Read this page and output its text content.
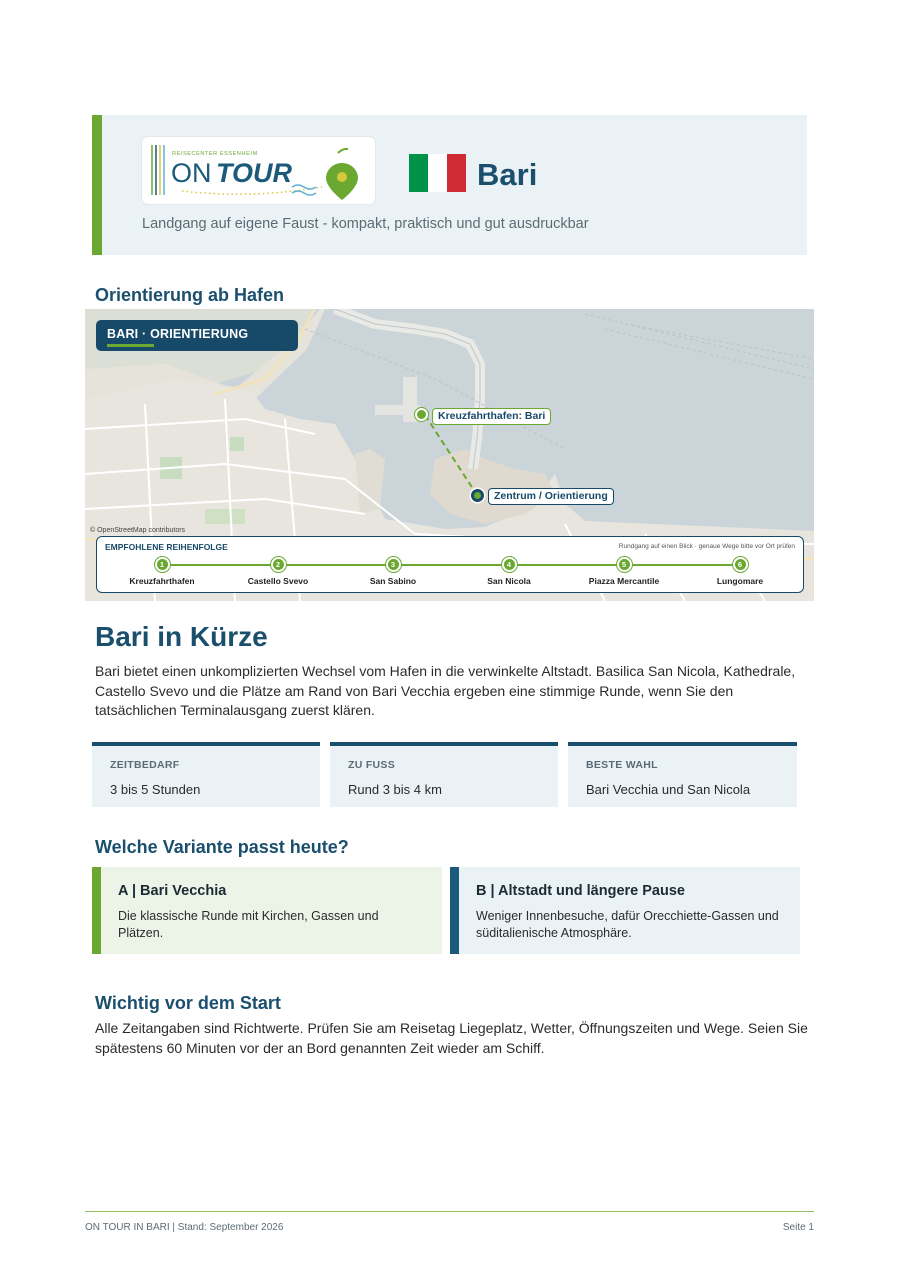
REISECENTER ESSENHEIM
ON TOUR	Bari
Landgang auf eigene Faust - kompakt, praktisch und gut ausdruckbar
Orientierung ab Hafen
BARI · ORIENTIERUNG
Kreuzfahrthafen: Bari
Zentrum / Orientierung
© OpenStreetMap contributors
EMPFOHLENE REIHENFOLGE	Rundgang auf einen Blick · genaue Wege bitte vor Ort prüfen
1
Kreuzfahrthafen
2
Castello Svevo
3
San Sabino
4
San Nicola
5
Piazza Mercantile
6
Lungomare
Bari in Kürze
Bari bietet einen unkomplizierten Wechsel vom Hafen in die verwinkelte Altstadt. Basilica San Nicola, Kathedrale, Castello Svevo und die Plätze am Rand von Bari Vecchia ergeben eine stimmige Runde, wenn Sie den tatsächlichen Terminalausgang zuerst klären.
ZEITBEDARF
3 bis 5 Stunden
ZU FUSS
Rund 3 bis 4 km
BESTE WAHL
Bari Vecchia und San Nicola
Welche Variante passt heute?
A | Bari Vecchia
Die klassische Runde mit Kirchen, Gassen und Plätzen.
B | Altstadt und längere Pause
Weniger Innenbesuche, dafür Orecchiette-Gassen und süditalienische Atmosphäre.
Wichtig vor dem Start
Alle Zeitangaben sind Richtwerte. Prüfen Sie am Reisetag Liegeplatz, Wetter, Öffnungszeiten und Wege. Seien Sie spätestens 60 Minuten vor der an Bord genannten Zeit wieder am Schiff.
ON TOUR IN BARI | Stand: September 2026	Seite 1
